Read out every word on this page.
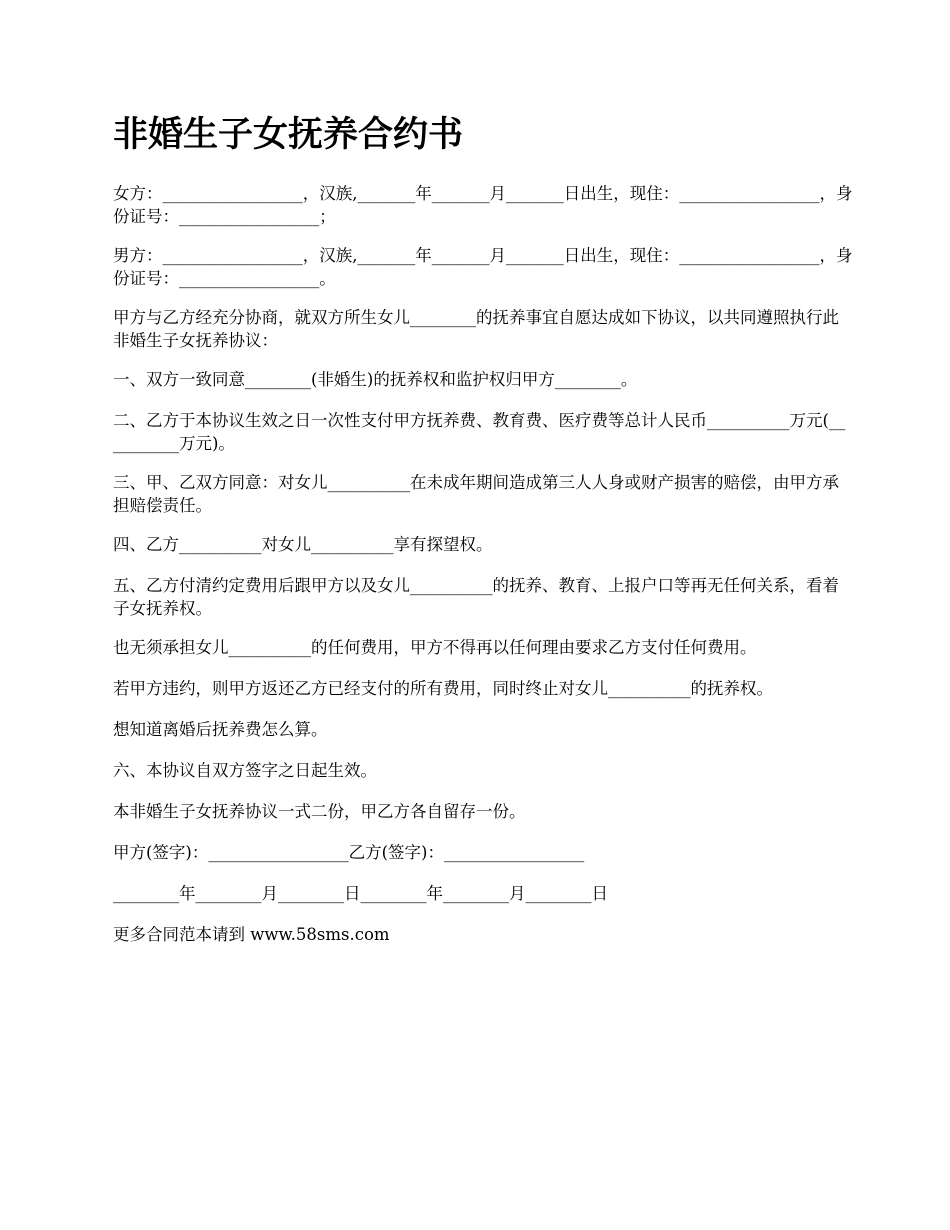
非婚生子女抚养合约书

女方：_________________，汉族,_______年_______月_______日出生，现住：_________________，身份证号：_________________；

男方：_________________，汉族,_______年_______月_______日出生，现住：_________________，身份证号：_________________。

甲方与乙方经充分协商，就双方所生女儿________的抚养事宜自愿达成如下协议，以共同遵照执行此非婚生子女抚养协议：

一、双方一致同意________(非婚生)的抚养权和监护权归甲方________。

二、乙方于本协议生效之日一次性支付甲方抚养费、教育费、医疗费等总计人民币__________万元(__________万元)。

三、甲、乙双方同意：对女儿__________在未成年期间造成第三人人身或财产损害的赔偿，由甲方承担赔偿责任。

四、乙方__________对女儿__________享有探望权。

五、乙方付清约定费用后跟甲方以及女儿__________的抚养、教育、上报户口等再无任何关系，看着子女抚养权。

也无须承担女儿__________的任何费用，甲方不得再以任何理由要求乙方支付任何费用。

若甲方违约，则甲方返还乙方已经支付的所有费用，同时终止对女儿__________的抚养权。

想知道离婚后抚养费怎么算。

六、本协议自双方签字之日起生效。

本非婚生子女抚养协议一式二份，甲乙方各自留存一份。

甲方(签字)：_________________乙方(签字)：_________________

________年________月________日________年________月________日

更多合同范本请到 www.58sms.com
